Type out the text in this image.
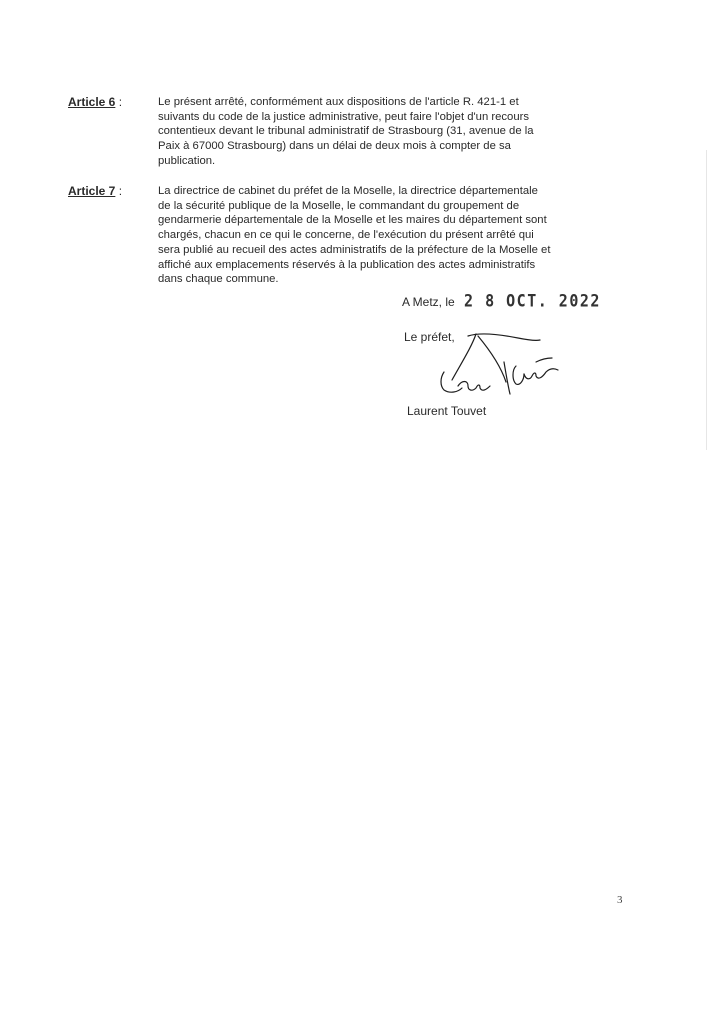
Article 6 :	Le présent arrêté, conformément aux dispositions de l'article R. 421-1 et
suivants du code de la justice administrative, peut faire l'objet d'un recours
contentieux devant le tribunal administratif de Strasbourg (31, avenue de la
Paix à 67000 Strasbourg) dans un délai de deux mois à compter de sa
publication.
Article 7 :	La directrice de cabinet du préfet de la Moselle, la directrice départementale
de la sécurité publique de la Moselle, le commandant du groupement de
gendarmerie départementale de la Moselle et les maires du département sont
chargés, chacun en ce qui le concerne, de l'exécution du présent arrêté qui
sera publié au recueil des actes administratifs de la préfecture de la Moselle et
affiché aux emplacements réservés à la publication des actes administratifs
dans chaque commune.
A Metz, le 2 8 OCT. 2022
Le préfet,
Laurent Touvet
3
